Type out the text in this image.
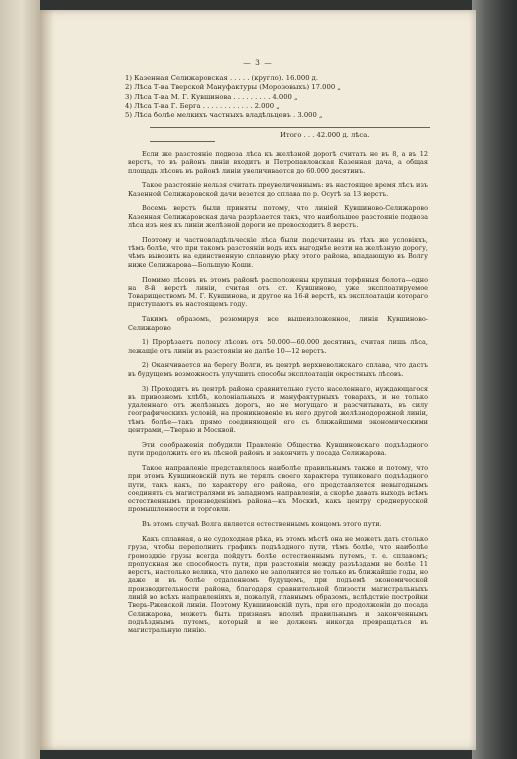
— 3 —
1) Казенная Селижаровская . . . . . (кругло). 16.000 д.
2) Лѣса Т-ва Тверской Мануфактуры (Морозовыхъ) 17.000 „
3) Лѣса Т-ва М. Г. Кувшинова . . . . . . . . . 4.000 „
4) Лѣса Т-ва Г. Берга . . . . . . . . . . . . 2.000 „
5) Лѣса болѣе мелкихъ частныхъ владѣльцевъ . 3.000 „
Итого . . . 42.000 д. лѣса.

Если же разстояніе подвоза лѣса къ желѣзной дорогѣ считать не въ 8, а въ 12 верстъ, то въ районъ линіи входитъ и Петропавловская Казенная дача, а общая площадь лѣсовъ въ районѣ линіи увеличивается до 60.000 десятинъ.

Такое разстояніе нельзя считать преувеличеннымъ: въ настоящее время лѣсъ изъ Казенной Селижаровской дачи везется до сплава по р. Осугѣ за 13 верстъ.

Восемь верстъ были приняты потому, что линіей Кувшиново-Селижарово Казенная Селижаровская дача разрѣзается такъ, что наибольшее разстояніе подвоза лѣса изъ нея къ линіи желѣзной дороги не превосходитъ 8 верстъ.

Поэтому и частновладѣльческіе лѣса были подсчитаны въ тѣхъ же условіяхъ, тѣмъ болѣе, что при такомъ разстояніи водъ ихъ выгоднѣе везти на желѣзную дорогу, чѣмъ вывозить на единственную сплавную рѣку этого района, впадающую въ Волгу ниже Селижарова—Большую Коши.

Помимо лѣсовъ въ этомъ районѣ расположены крупныя торфяныя болота—одно на 8-й верстѣ линіи, считая отъ ст. Кувшиново, уже эксплоатируемое Товариществомъ М. Г. Кувшинова, и другое на 16-й верстѣ, къ эксплоатаціи котораго приступаютъ въ настоящемъ году.

Такимъ образомъ, резюмируя все вышеизложенное, линія Кувшиново-Селижарово

1) Прорѣзаетъ полосу лѣсовъ отъ 50.000—60.000 десятинъ, считая лишь лѣса, лежащіе отъ линіи въ разстояніи не далѣе 10—12 верстъ.

2) Оканчивается на берегу Волги, въ центрѣ верхневолжскаго сплава, что дастъ въ будущемъ возможность улучшить способы эксплоатаціи окрестныхъ лѣсовъ.

3) Проходитъ въ центрѣ района сравнительно густо населеннаго, нуждающагося въ привозномъ хлѣбѣ, колоніальныхъ и мануфактурныхъ товарахъ, и не только удаленнаго отъ желѣзныхъ дорогъ, но не могущаго и разсчитывать, въ силу географическихъ условій, на проникновеніе въ него другой желѣзнодорожной линіи, тѣмъ болѣе—такъ прямо соединяющей его съ ближайшими экономическими центрами,—Тверью и Москвой.

Эти соображенія побудили Правленіе Общества Кувшиновскаго подъѣздного пути продолжить его въ лѣсной районъ и закончить у посада Селижарова.

Такое направленіе представлялось наиболѣе правильнымъ также и потому, что при этомъ Кувшиновскій путь не терялъ своего характера тупиковаго подъѣздного пути, такъ какъ, по характеру его района, его представляется невыгоднымъ соединять съ магистралями въ западномъ направленіи, а скорѣе давать выходъ всѣмъ естественнымъ произведеніямъ района—къ Москвѣ, какъ центру среднерусской промышленности и торговли.

Въ этомъ случаѣ Волга является естественнымъ концомъ этого пути.

Какъ сплавная, а не судоходная рѣка, въ этомъ мѣстѣ она не можетъ дать столько груза, чтобы переполнить графикъ подъѣздного пути, тѣмъ болѣе, что наиболѣе громоздкіе грузы всегда пойдутъ болѣе естественнымъ путемъ, т. е. сплавомъ; пропускная же способность пути, при разстояніи между разъѣздами не болѣе 11 верстъ, настолько велика, что далеко не заполнится не только въ ближайшіе годы, но даже и въ болѣе отдаленномъ будущемъ, при подъемѣ экономической производительности района, благодаря сравнительной близости магистральныхъ линій во всѣхъ направленіяхъ и, пожалуй, главнымъ образомъ, вслѣдствіе постройки Тверь-Ржевской линіи. Поэтому Кувшиновскій путь, при его продолженіи до посада Селижарова, можетъ быть признанъ вполнѣ правильнымъ и законченнымъ подъѣзднымъ путемъ, который и не долженъ никогда превращаться въ магистральную линію.
